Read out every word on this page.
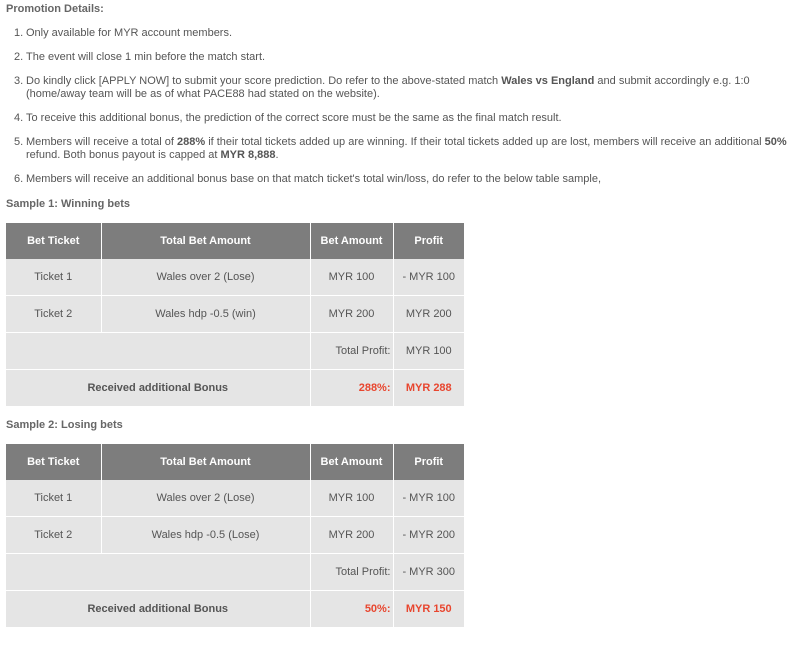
Promotion Details:

1. Only available for MYR account members.
2. The event will close 1 min before the match start.
3. Do kindly click [APPLY NOW] to submit your score prediction. Do refer to the above-stated match Wales vs England and submit accordingly e.g. 1:0 (home/away team will be as of what PACE88 had stated on the website).
4. To receive this additional bonus, the prediction of the correct score must be the same as the final match result.
5. Members will receive a total of 288% if their total tickets added up are winning. If their total tickets added up are lost, members will receive an additional 50% refund. Both bonus payout is capped at MYR 8,888.
6. Members will receive an additional bonus base on that match ticket's total win/loss, do refer to the below table sample,

Sample 1: Winning bets

Bet Ticket	Total Bet Amount	Bet Amount	Profit
Ticket 1	Wales over 2 (Lose)	MYR 100	- MYR 100
Ticket 2	Wales hdp -0.5 (win)	MYR 200	MYR 200
		Total Profit:	MYR 100
Received additional Bonus		288%:	MYR 288

Sample 2: Losing bets

Bet Ticket	Total Bet Amount	Bet Amount	Profit
Ticket 1	Wales over 2 (Lose)	MYR 100	- MYR 100
Ticket 2	Wales hdp -0.5 (Lose)	MYR 200	- MYR 200
		Total Profit:	- MYR 300
Received additional Bonus		50%:	MYR 150
